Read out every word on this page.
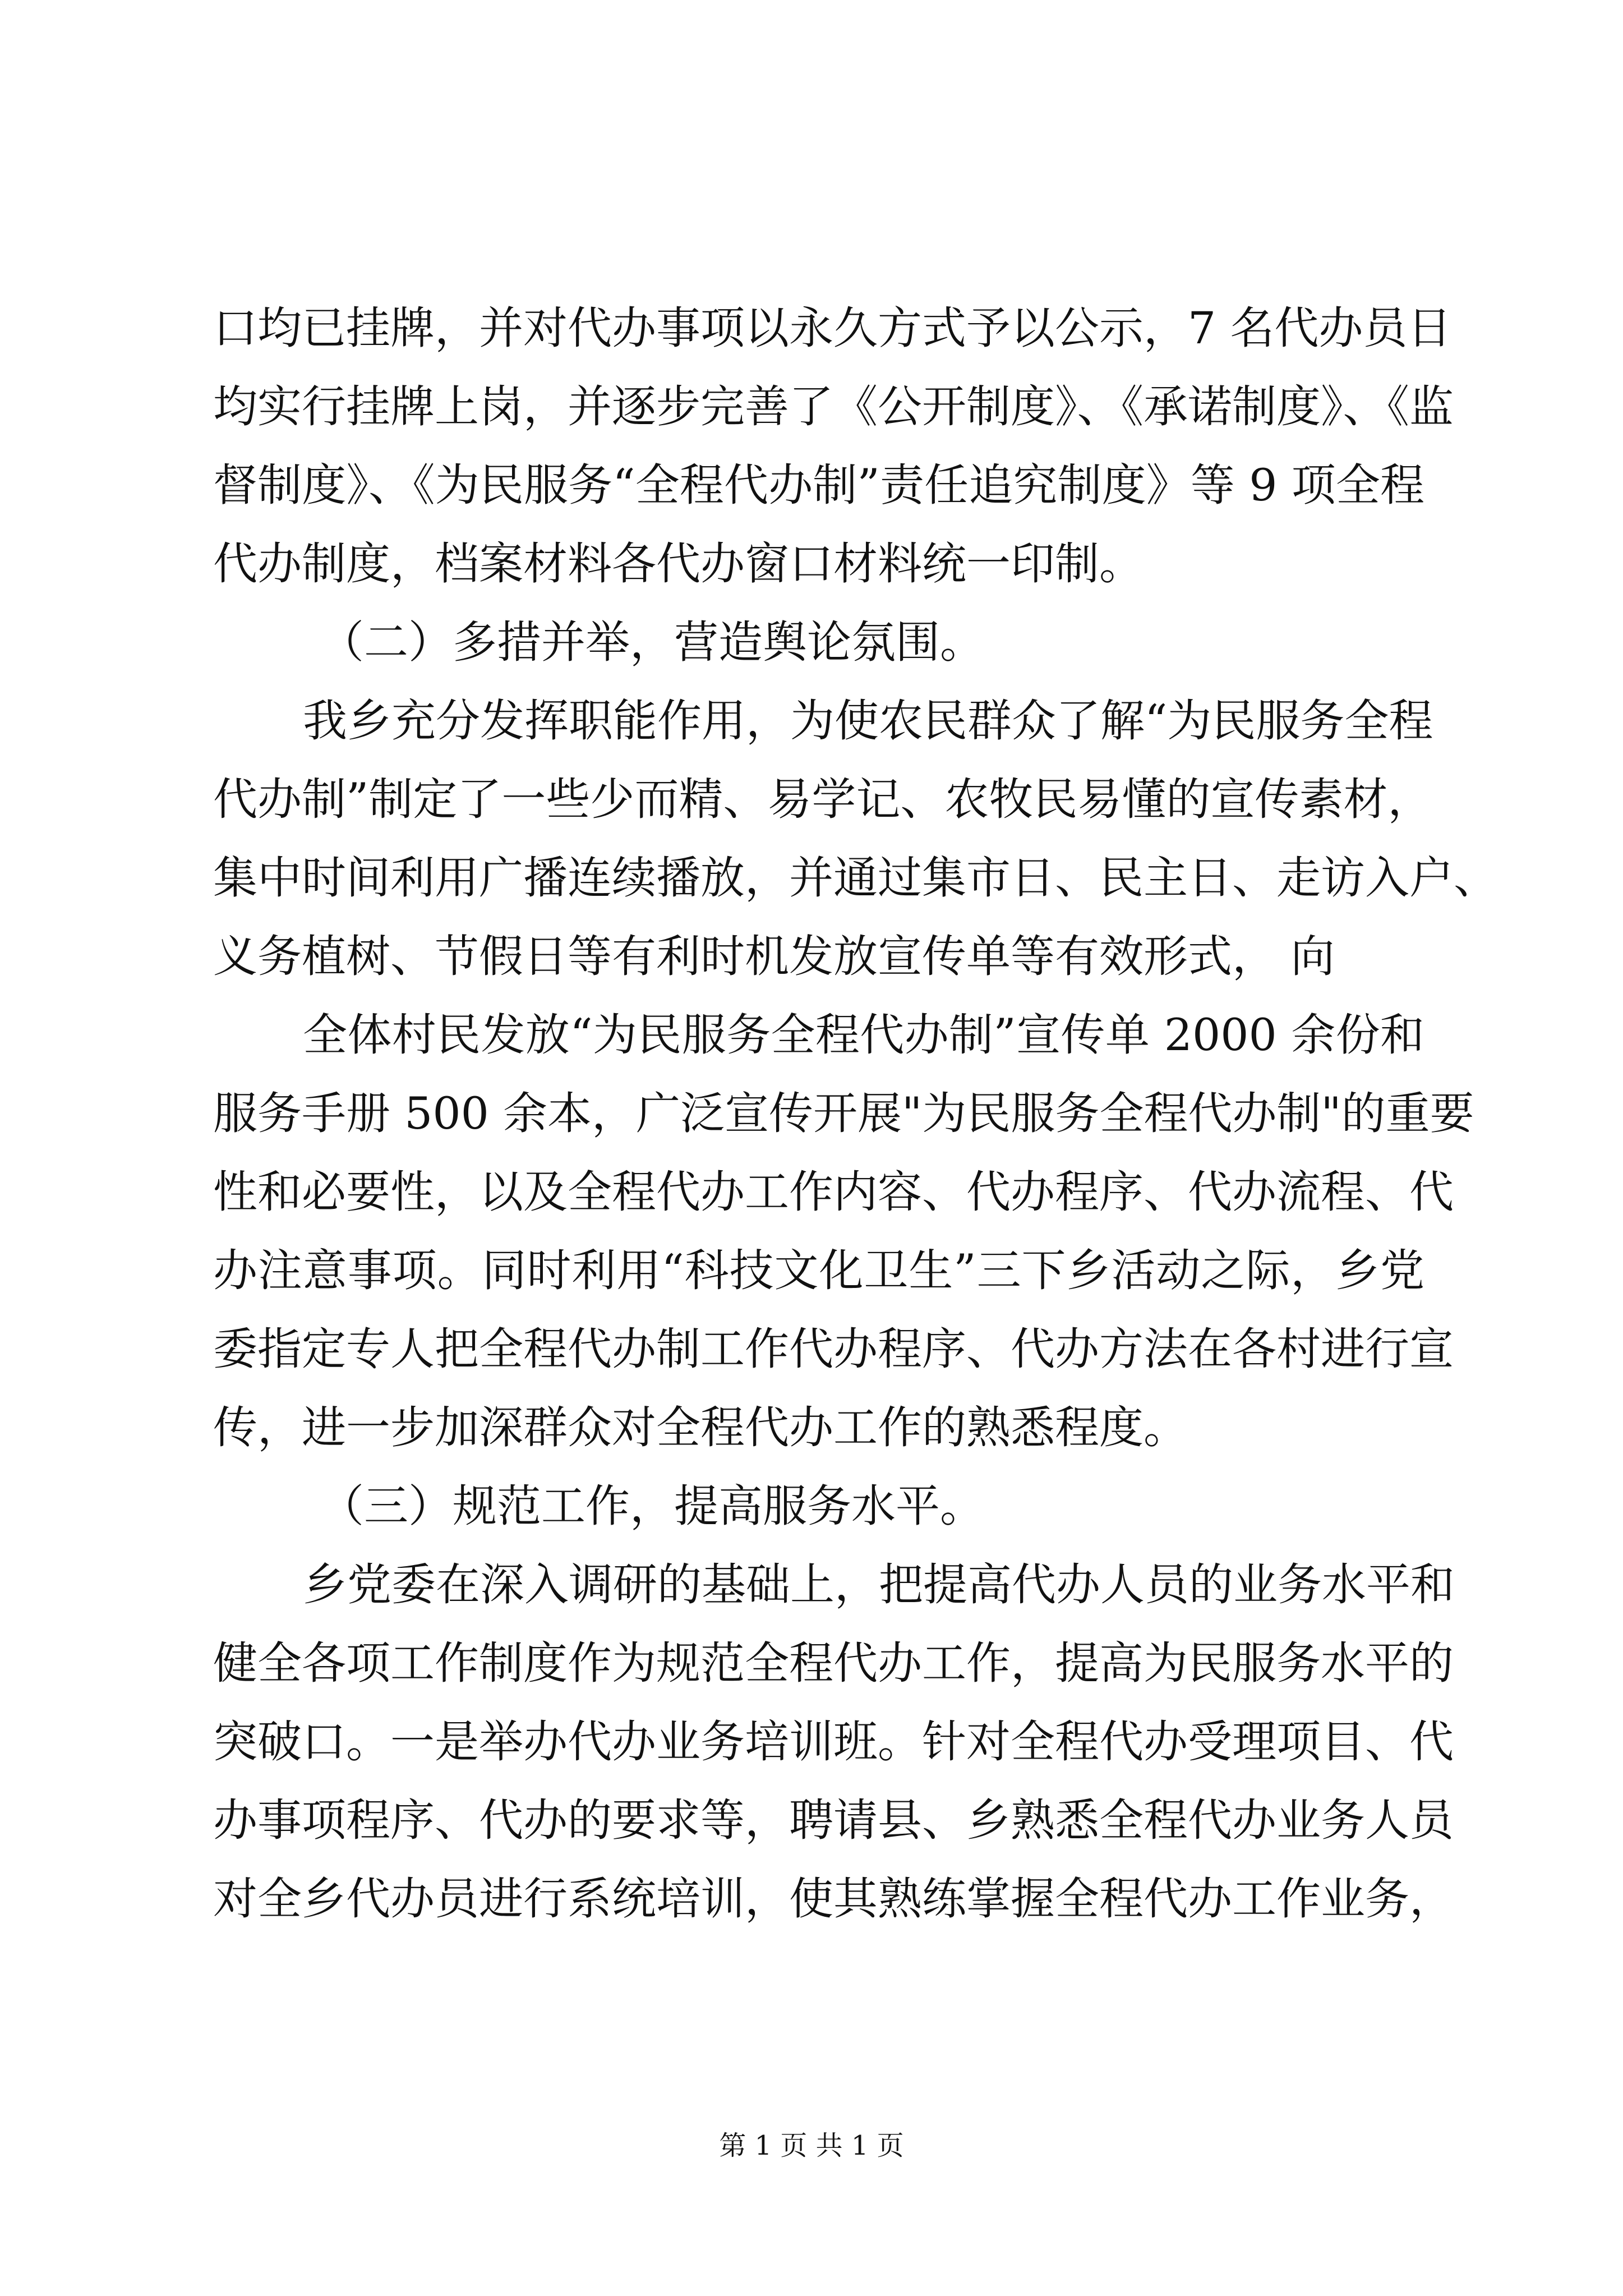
口均已挂牌，并对代办事项以永久方式予以公示，7 名代办员日
均实行挂牌上岗，并逐步完善了《公开制度》、《承诺制度》、《监
督制度》、《为民服务“全程代办制”责任追究制度》等 9 项全程
代办制度，档案材料各代办窗口材料统一印制。
（二）多措并举，营造舆论氛围。
我乡充分发挥职能作用，为使农民群众了解“为民服务全程
代办制”制定了一些少而精、易学记、农牧民易懂的宣传素材，
集中时间利用广播连续播放，并通过集市日、民主日、走访入户、
义务植树、节假日等有利时机发放宣传单等有效形式， 向
全体村民发放“为民服务全程代办制”宣传单 2000 余份和
服务手册 500 余本，广泛宣传开展"为民服务全程代办制"的重要
性和必要性，以及全程代办工作内容、代办程序、代办流程、代
办注意事项。同时利用“科技文化卫生”三下乡活动之际，乡党
委指定专人把全程代办制工作代办程序、代办方法在各村进行宣
传，进一步加深群众对全程代办工作的熟悉程度。
（三）规范工作，提高服务水平。
乡党委在深入调研的基础上，把提高代办人员的业务水平和
健全各项工作制度作为规范全程代办工作，提高为民服务水平的
突破口。一是举办代办业务培训班。针对全程代办受理项目、代
办事项程序、代办的要求等，聘请县、乡熟悉全程代办业务人员
对全乡代办员进行系统培训，使其熟练掌握全程代办工作业务，
第 1 页 共 1 页
